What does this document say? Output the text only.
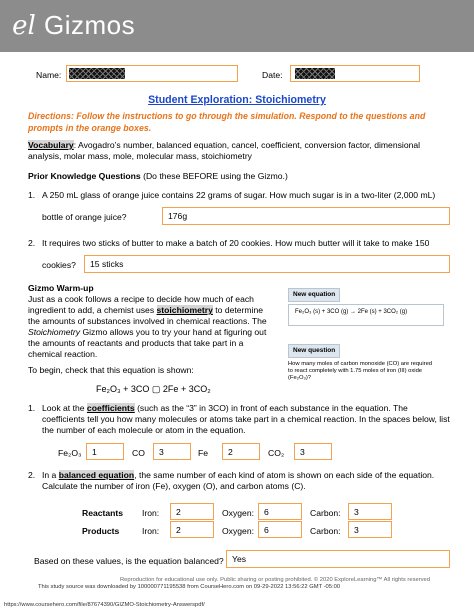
el Gizmos
Name:	Date:
Student Exploration: Stoichiometry
Directions: Follow the instructions to go through the simulation. Respond to the questions and prompts in the orange boxes.
Vocabulary: Avogadro’s number, balanced equation, cancel, coefficient, conversion factor, dimensional analysis, molar mass, mole, molecular mass, stoichiometry
Prior Knowledge Questions (Do these BEFORE using the Gizmo.)
1. A 250 mL glass of orange juice contains 22 grams of sugar. How much sugar is in a two-liter (2,000 mL)
bottle of orange juice?	176g
2. It requires two sticks of butter to make a batch of 20 cookies. How much butter will it take to make 150
cookies? 15 sticks
Gizmo Warm-up
Just as a cook follows a recipe to decide how much of each
ingredient to add, a chemist uses stoichiometry to determine
the amounts of substances involved in chemical reactions. The
Stoichiometry Gizmo allows you to try your hand at figuring out
the amounts of reactants and products that take part in a
chemical reaction.
To begin, check that this equation is shown:
Fe₂O₃ + 3CO ▢ 2Fe + 3CO₂
New equation
Fe₂O₃ (s) + 3CO (g) → 2Fe (s) + 3CO₂ (g)
New question
How many moles of carbon monoxide (CO) are required to react completely with 1.75 moles of iron (III) oxide (Fe₂O₃)?
1. Look at the coefficients (such as the “3” in 3CO) in front of each substance in the equation. The
coefficients tell you how many molecules or atoms take part in a chemical reaction. In the spaces below, list
the number of each molecule or atom in the equation.
Fe₂O₃ 1	CO 3	Fe 2	CO₂ 3
2. In a balanced equation, the same number of each kind of atom is shown on each side of the equation.
Calculate the number of iron (Fe), oxygen (O), and carbon atoms (C).
Reactants Iron: 2	Oxygen: 6	Carbon: 3
Products	Iron: 2	Oxygen: 6	Carbon: 3
Based on these values, is the equation balanced? Yes
Reproduction for educational use only. Public sharing or posting prohibited. © 2020 ExploreLearning™ All rights reserved
This study source was downloaded by 100000771195538 from CourseHero.com on 09-29-2022 13:56:22 GMT -05:00
https://www.coursehero.com/file/87674390/GIZMO-Stoichiometry-Answerspdf/
